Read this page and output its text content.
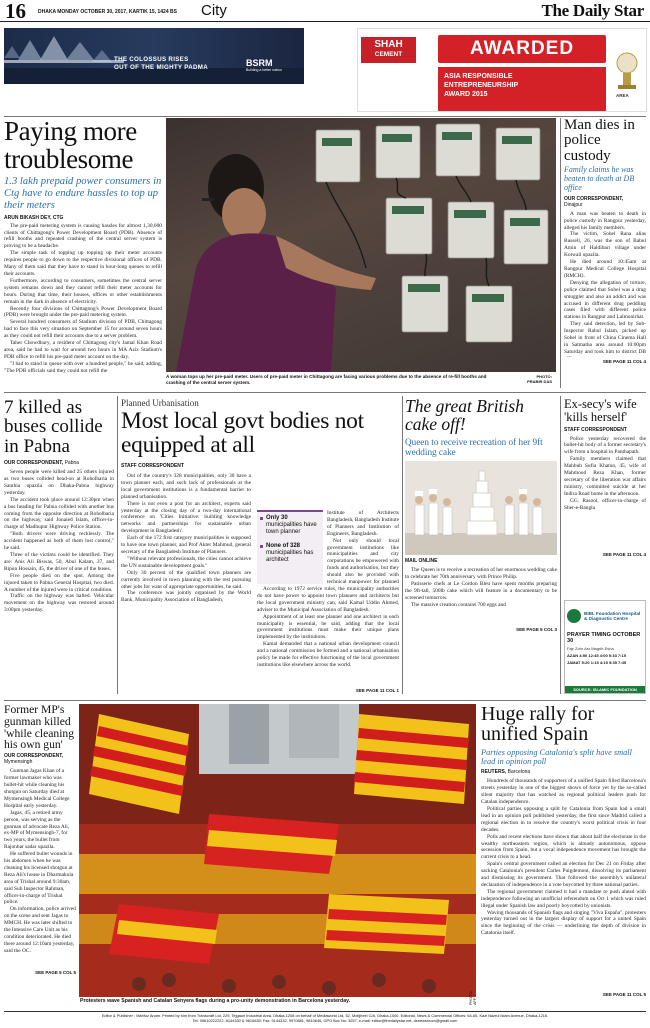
16 DHAKA MONDAY OCTOBER 30, 2017, KARTIK 15, 1424 BS City	The Daily Star
THE COLOSSUS RISES
OUT OF THE MIGHTY PADMA	BSRM
Building a better nation
SHAH
CEMENT	AWARDED
ASIA RESPONSIBLE
ENTREPRENEURSHIP
AWARD 2015	AREA
Paying more troublesome
1.3 lakh prepaid power consumers in Ctg have to endure hassles to top up their meters
ARUN BIKASH DEY, CTG

The pre-paid metering system is causing hassles for almost 1,30,000 clients of Chittagong's Power Development Board (PDB). Absence of refill booths and repeated crashing of the central server system is proving to be a headache.

The simple task of topping up topping up their meter accounts requires people to go down to the respective divisional offices of PDB. Many of them said that they have to stand in hour-long queues to refill their accounts.

Furthermore, according to consumers, sometimes the central server system remains down and they cannot refill their meter accounts for hours. During that time, their houses, offices or other establishments remain in the dark in absence of electricity.

Recently four divisions of Chittagong's Power Development Board (PDB) were brought under the pre-paid metering system.

Several hundred consumers of Stadium division of PDB, Chittagong had to face this very situation on September 15 for around seven hours as they could not refill their accounts due to a server problem.

Taher Chowdhury, a resident of Chittagong city's Jamal Khan Road area, said he had to wait for around two hours in MA Aziz Stadium's PDB office to refill his pre-paid meter account on the day.

"I had to stand in queue with over a hundred people," he said, adding, "The PDB officials said they could not refill the

A woman tops up her pre-paid meter. Users of pre-paid meter in Chittagong are facing various problems due to the absence of re-fill booths and crashing of the central server system.
PHOTO:
PRABIR DAS
Man dies in police custody
Family claims he was beaten to death at DB office
OUR CORRESPONDENT,
Dinajpur

A man was beaten to death in police custody in Rangpur yesterday, alleged his family members.

The victim, Sohel Rana alias Russell, 26, was the son of Babul Amin of Haldibari village under Kotwali upazila.

He died around 10:45am at Rangpur Medical College Hospital (RMCH).

Denying the allegation of torture, police claimed that Sohel was a drug smuggler and also an addict and was accused in different drug peddling cases filed with different police stations in Rangpur and Lalmonirhat.

They said detection, led by Sub-Inspector Rahul Islam, picked up Sohel in front of China Cinema Hall in Satmatha area around 10:00pm Saturday and took him to district DB

SEE PAGE 11 COL 4
7 killed as buses collide in Pabna
OUR CORRESPONDENT, Pabna

Seven people were killed and 25 others injured as two buses collided head-on at Roholbaria in Santhia upazila on Dhaka-Pabna highway yesterday.

The accident took place around 12:30pm when a bus heading for Pabna collided with another bus coming from the opposite direction at Roholbaria on the highway, said Jonaied Islam, officer-in-charge of Madhupur Highway Police Station.

"Both drivers were driving recklessly. The accident happened as both of them lost control," he said.

Three of the victims could be identified. They are: Anis Ali Biswas, 50, Abul Kalam, 37, and Ripon Hossain, 45, the driver of one of the buses.

Five people died on the spot. Among the injured taken to Pabna General Hospital, two died. A number of the injured were in critical condition.

Traffic on the highway was halted. Vehicular movement on the highway was restored around 3:00pm yesterday.

Planned Urbanisation
Most local govt bodies not equipped at all
STAFF CORRESPONDENT

Out of the country's 328 municipalities, only 30 have a town planner each, and such lack of professionals at the local government institutions is a fundamental barrier to planned urbanisation.

There is not even a post for an architect, experts said yesterday at the closing day of a two-day international conference on 'Cities Initiative: building knowledge networks and partnerships for sustainable urban development in Bangladesh'.

Each of the 172 first category municipalities is supposed to have one town planner, and Prof Akter Mahmud, general secretary of the Bangladesh Institute of Planners.

"Without relevant professionals, the cities cannot achieve the UN sustainable development goals."

Only 30 percent of the qualified town planners are currently involved in town planning with the rest pursuing other jobs for want of appropriate opportunities, he said.

The conference was jointly organised by the World Bank, Municipality Association of Bangladesh,

Only 30 municipalities have town planner
None of 328 municipalities has architect

Institute of Architects Bangladesh, Bangladesh Institute of Planners and Institution of Engineers, Bangladesh.

Not only should local government institutions like municipalities and city corporations be empowered with funds and authorisation, but they should also be provided with technical manpower for planned

According to 1972 service rules, the municipality authorities do not have power to appoint town planners and architects but the local government ministry can, said Kamal Uddin Ahmed, adviser to the Municipal Association of Bangladesh.

Appointment of at least one planner and one architect in each municipality is essential, he said, adding that the local government institutions must make their unique plans implemented by the institutions.

Kamal demanded that a national urban development council and a national commission be formed and a national urbanisation policy be made for effective functioning of the local government institutions like elsewhere across the world.

SEE PAGE 11 COL 1
The great British cake off!
Queen to receive recreation of her 9ft wedding cake
MAIL ONLINE

The Queen is to receive a recreation of her enormous wedding cake to celebrate her 70th anniversary with Prince Philip.

Patisserie chefs at Le Cordon Bleu have spent months preparing the 9ft-tall, 500lb cake which will feature in a documentary to be screened tomorrow.

The massive creation contains 700 eggs and

SEE PAGE 5 COL 3
Ex-secy's wife 'kills herself'
STAFF CORRESPONDENT

Police yesterday recovered the bullet-hit body of a former secretary's wife from a hospital in Panthapath.

Family members claimed that Mahbub Sufia Khatun, 45, wife of Mahmood Reza Khan, former secretary of the liberation war affairs ministry, committed suicide at her Indira Road home in the afternoon.

GG. Rasool, officer-in-charge of Sher-e-Bangla

SEE PAGE 11 COL 4
BIBL Foundation Hospital & Diagnostic Centre
PRAYER TIMING OCTOBER 30
Fajr Zohr Asr Magrib Esha
AZAN 4:50 12:45 4:00 5:33 7:15
JAMAT 5:20 1:15 4:15 5:35 7:45
SOURCE: ISLAMIC FOUNDATION
Former MP's gunman killed 'while cleaning his own gun'
OUR CORRESPONDENT,
Mymensingh

Gunman Jagas Khan of a former lawmaker who was bullet-hit while cleaning his shotgun on Saturday died at Mymensingh Medical College Hospital early yesterday.

Jagas, 45, a retired army person, was serving as the gunman of advocate Reza Ali, ex-MP of Mymensingh-7, for two years, the bullet from Rajonbar sadar upazila.

He suffered bullet wounds in his abdomen when he was cleaning his licensed shotgun at Reza Ali's house in Dharmakola area of Trishal around 9:30am, said Sub Inspector Rahman, officer-in-charge of Trishal police.

On information, police arrived on the scene and sent Jagas to MMCH. He was later shifted to the Intensive Care Unit as his condition deteriorated. He died there around 12:10am yesterday, said the OC.

SEE PAGE 5 COL 5
PHOTO: AFP
Protesters wave Spanish and Catalan Senyera flags during a pro-unity demonstration in Barcelona yesterday.
Huge rally for unified Spain
Parties opposing Catalonia's split have small lead in opinion poll
REUTERS, Barcelona

Hundreds of thousands of supporters of a unified Spain filled Barcelona's streets yesterday in one of the biggest shows of force yet by the so-called silent majority that has watched as regional political leaders push for Catalan independence.

Political parties opposing a split by Catalonia from Spain had a small lead in an opinion poll published yesterday, the first since Madrid called a regional election in to resolve the country's worst political crisis in four decades.

Polls and recent elections have shown that about half the electorate in the wealthy northeastern region, which is already autonomous, oppose secession from Spain, but a vocal independence movement has brought the current crisis to a head.

Spain's central government called an election for Dec 21 on Friday after sacking Catalonia's president Carles Puigdemont, dissolving its parliament and dismissing its government. That followed the assembly's unilateral declaration of independence in a vote boycotted by three national parties.

The regional government claimed it had a mandate to push ahead with independence following an unofficial referendum on Oct 1 which was ruled illegal under Spanish law and poorly boycotted by unionists.

Waving thousands of Spanish flags and singing "Viva España", protesters yesterday turned out in the largest display of support for a united Spain since the beginning of the crisis — underlining the depth of division in Catalonia itself.

SEE PAGE 11 COL 5
Editor & Publisher : Mahfuz Anam. Printed by him from Transcraft Ltd, 229, Tejgaon Industrial Area, Dhaka-1208 on behalf of Mediaworld Ltd, 52, Motijheel C/A, Dhaka-1000. Editorial, News & Commercial Offices: 64-65, Kazi Nazrul Islam Avenue, Dhaka-1215.
Tel: 09610222222, 8144330 & 9810635; Fax: 9144332, 9970881, 9810646, GPO Box No: 3257, e-mail: editor@thedailystar.net, dsnewsroom@gmail.com
